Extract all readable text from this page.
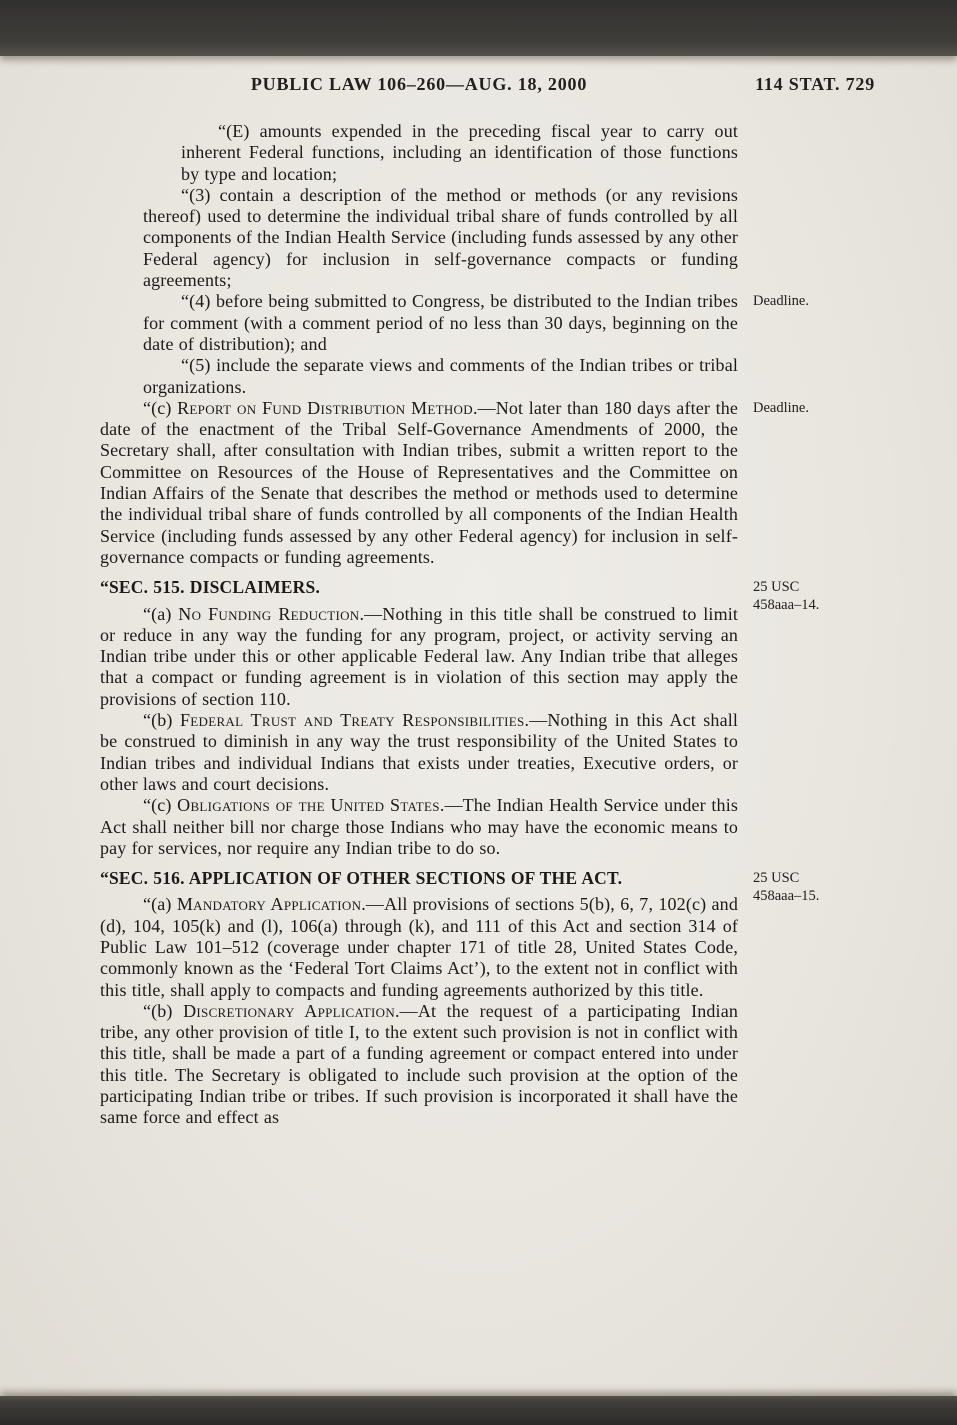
PUBLIC LAW 106–260—AUG. 18, 2000	114 STAT. 729

“(E) amounts expended in the preceding fiscal year to carry out inherent Federal functions, including an identification of those functions by type and location;

“(3) contain a description of the method or methods (or any revisions thereof) used to determine the individual tribal share of funds controlled by all components of the Indian Health Service (including funds assessed by any other Federal agency) for inclusion in self-governance compacts or funding agreements;

“(4) before being submitted to Congress, be distributed to the Indian tribes for comment (with a comment period of no less than 30 days, beginning on the date of distribution); and

“(5) include the separate views and comments of the Indian tribes or tribal organizations.

“(c) Report on Fund Distribution Method.—Not later than 180 days after the date of the enactment of the Tribal Self-Governance Amendments of 2000, the Secretary shall, after consultation with Indian tribes, submit a written report to the Committee on Resources of the House of Representatives and the Committee on Indian Affairs of the Senate that describes the method or methods used to determine the individual tribal share of funds controlled by all components of the Indian Health Service (including funds assessed by any other Federal agency) for inclusion in self-governance compacts or funding agreements.

“SEC. 515. DISCLAIMERS.

“(a) No Funding Reduction.—Nothing in this title shall be construed to limit or reduce in any way the funding for any program, project, or activity serving an Indian tribe under this or other applicable Federal law. Any Indian tribe that alleges that a compact or funding agreement is in violation of this section may apply the provisions of section 110.

“(b) Federal Trust and Treaty Responsibilities.—Nothing in this Act shall be construed to diminish in any way the trust responsibility of the United States to Indian tribes and individual Indians that exists under treaties, Executive orders, or other laws and court decisions.

“(c) Obligations of the United States.—The Indian Health Service under this Act shall neither bill nor charge those Indians who may have the economic means to pay for services, nor require any Indian tribe to do so.

“SEC. 516. APPLICATION OF OTHER SECTIONS OF THE ACT.

“(a) Mandatory Application.—All provisions of sections 5(b), 6, 7, 102(c) and (d), 104, 105(k) and (l), 106(a) through (k), and 111 of this Act and section 314 of Public Law 101–512 (coverage under chapter 171 of title 28, United States Code, commonly known as the ‘Federal Tort Claims Act’), to the extent not in conflict with this title, shall apply to compacts and funding agreements authorized by this title.

“(b) Discretionary Application.—At the request of a participating Indian tribe, any other provision of title I, to the extent such provision is not in conflict with this title, shall be made a part of a funding agreement or compact entered into under this title. The Secretary is obligated to include such provision at the option of the participating Indian tribe or tribes. If such provision is incorporated it shall have the same force and effect as

Deadline.
Deadline.
25 USC
458aaa–14.
25 USC
458aaa–15.
